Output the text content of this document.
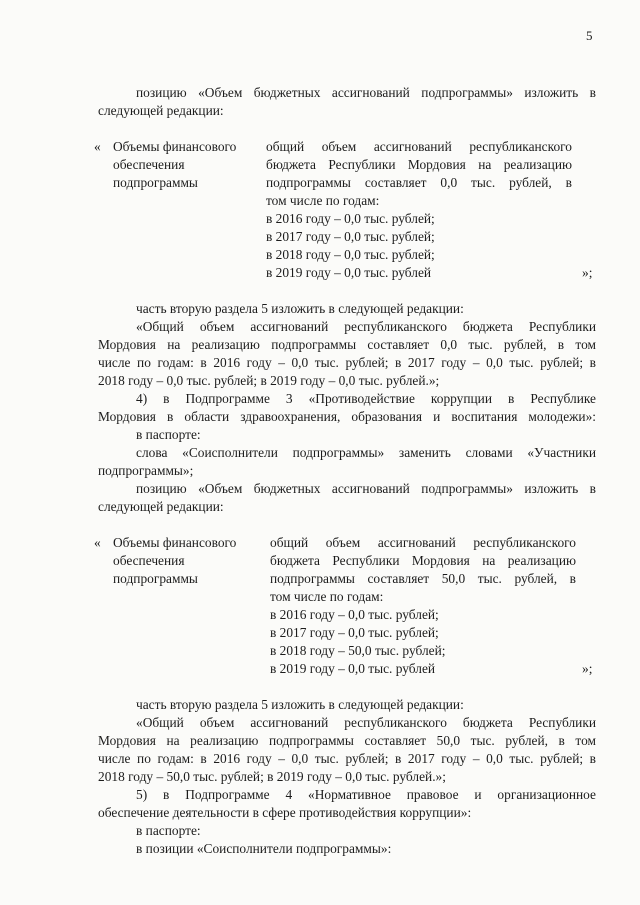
5
позицию «Объем бюджетных ассигнований подпрограммы» изложить в
следующей редакции:
« Объемы финансового
обеспечения
подпрограммы
общий объем ассигнований республиканского
бюджета Республики Мордовия на реализацию
подпрограммы составляет 0,0 тыс. рублей, в
том числе по годам:
в 2016 году – 0,0 тыс. рублей;
в 2017 году – 0,0 тыс. рублей;
в 2018 году – 0,0 тыс. рублей;
в 2019 году – 0,0 тыс. рублей	»;
часть вторую раздела 5 изложить в следующей редакции:
«Общий объем ассигнований республиканского бюджета Республики
Мордовия на реализацию подпрограммы составляет 0,0 тыс. рублей, в том
числе по годам: в 2016 году – 0,0 тыс. рублей; в 2017 году – 0,0 тыс. рублей; в
2018 году – 0,0 тыс. рублей; в 2019 году – 0,0 тыс. рублей.»;
4) в Подпрограмме 3 «Противодействие коррупции в Республике
Мордовия в области здравоохранения, образования и воспитания молодежи»:
в паспорте:
слова «Соисполнители подпрограммы» заменить словами «Участники
подпрограммы»;
позицию «Объем бюджетных ассигнований подпрограммы» изложить в
следующей редакции:
« Объемы финансового
обеспечения
подпрограммы
общий объем ассигнований республиканского
бюджета Республики Мордовия на реализацию
подпрограммы составляет 50,0 тыс. рублей, в
том числе по годам:
в 2016 году – 0,0 тыс. рублей;
в 2017 году – 0,0 тыс. рублей;
в 2018 году – 50,0 тыс. рублей;
в 2019 году – 0,0 тыс. рублей	»;
часть вторую раздела 5 изложить в следующей редакции:
«Общий объем ассигнований республиканского бюджета Республики
Мордовия на реализацию подпрограммы составляет 50,0 тыс. рублей, в том
числе по годам: в 2016 году – 0,0 тыс. рублей; в 2017 году – 0,0 тыс. рублей; в
2018 году – 50,0 тыс. рублей; в 2019 году – 0,0 тыс. рублей.»;
5) в Подпрограмме 4 «Нормативное правовое и организационное
обеспечение деятельности в сфере противодействия коррупции»:
в паспорте:
в позиции «Соисполнители подпрограммы»:
